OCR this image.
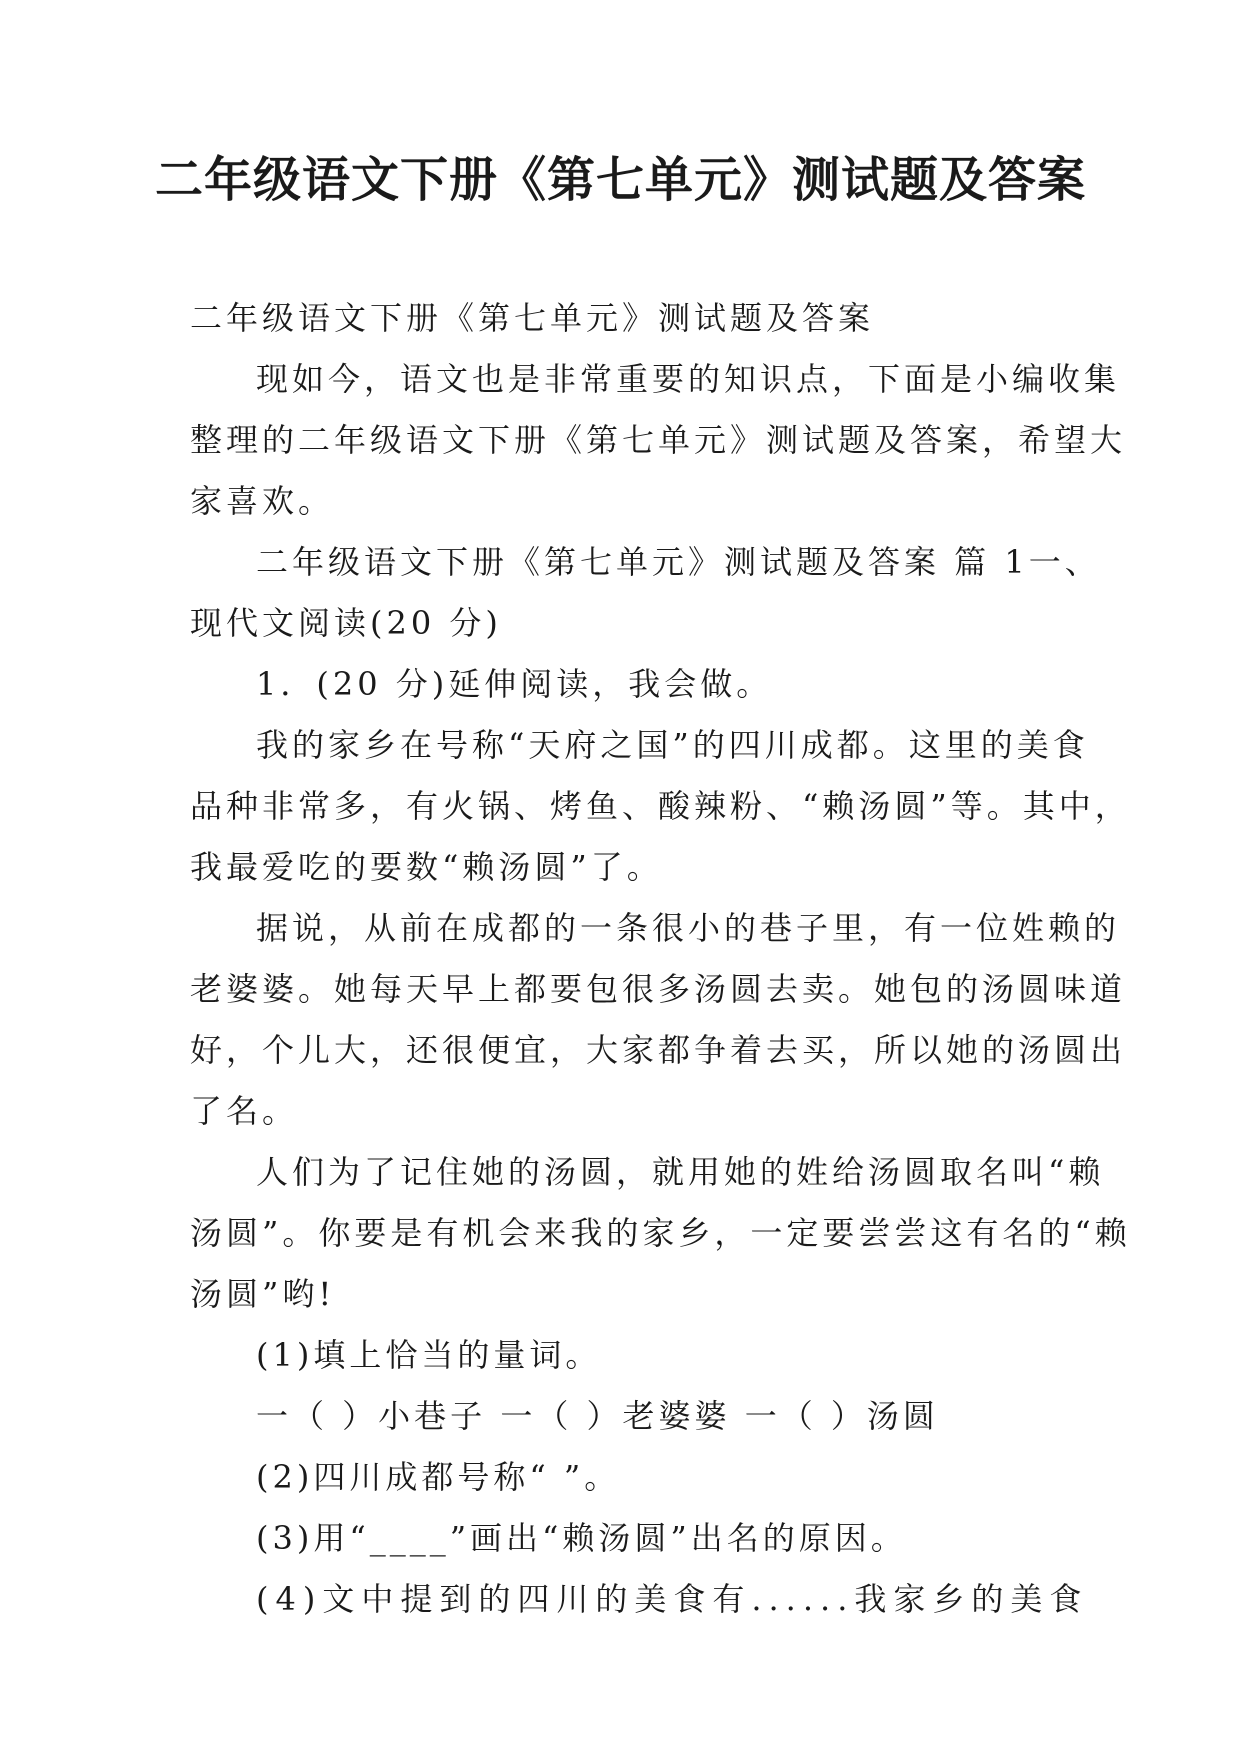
二年级语文下册《第七单元》测试题及答案

二年级语文下册《第七单元》测试题及答案

现如今，语文也是非常重要的知识点，下面是小编收集

整理的二年级语文下册《第七单元》测试题及答案，希望大

家喜欢。

二年级语文下册《第七单元》测试题及答案 篇 1 一、

现代文阅读(20 分)

1．(20 分)延伸阅读，我会做。

我的家乡在号称“天府之国”的四川成都。这里的美食

品种非常多，有火锅、烤鱼、酸辣粉、“赖汤圆”等。其中，

我最爱吃的要数“赖汤圆”了。

据说，从前在成都的一条很小的巷子里，有一位姓赖的

老婆婆。她每天早上都要包很多汤圆去卖。她包的汤圆味道

好，个儿大，还很便宜，大家都争着去买，所以她的汤圆出

了名。

人们为了记住她的汤圆，就用她的姓给汤圆取名叫“赖

汤圆”。你要是有机会来我的家乡，一定要尝尝这有名的“赖

汤圆”哟!

(1)填上恰当的量词。

一（ ）小巷子 一（ ）老婆婆 一（ ）汤圆

(2)四川成都号称“ ”。

(3)用“____”画出“赖汤圆”出名的原因。

(4)文中提到的四川的美食有......我家乡的美食
